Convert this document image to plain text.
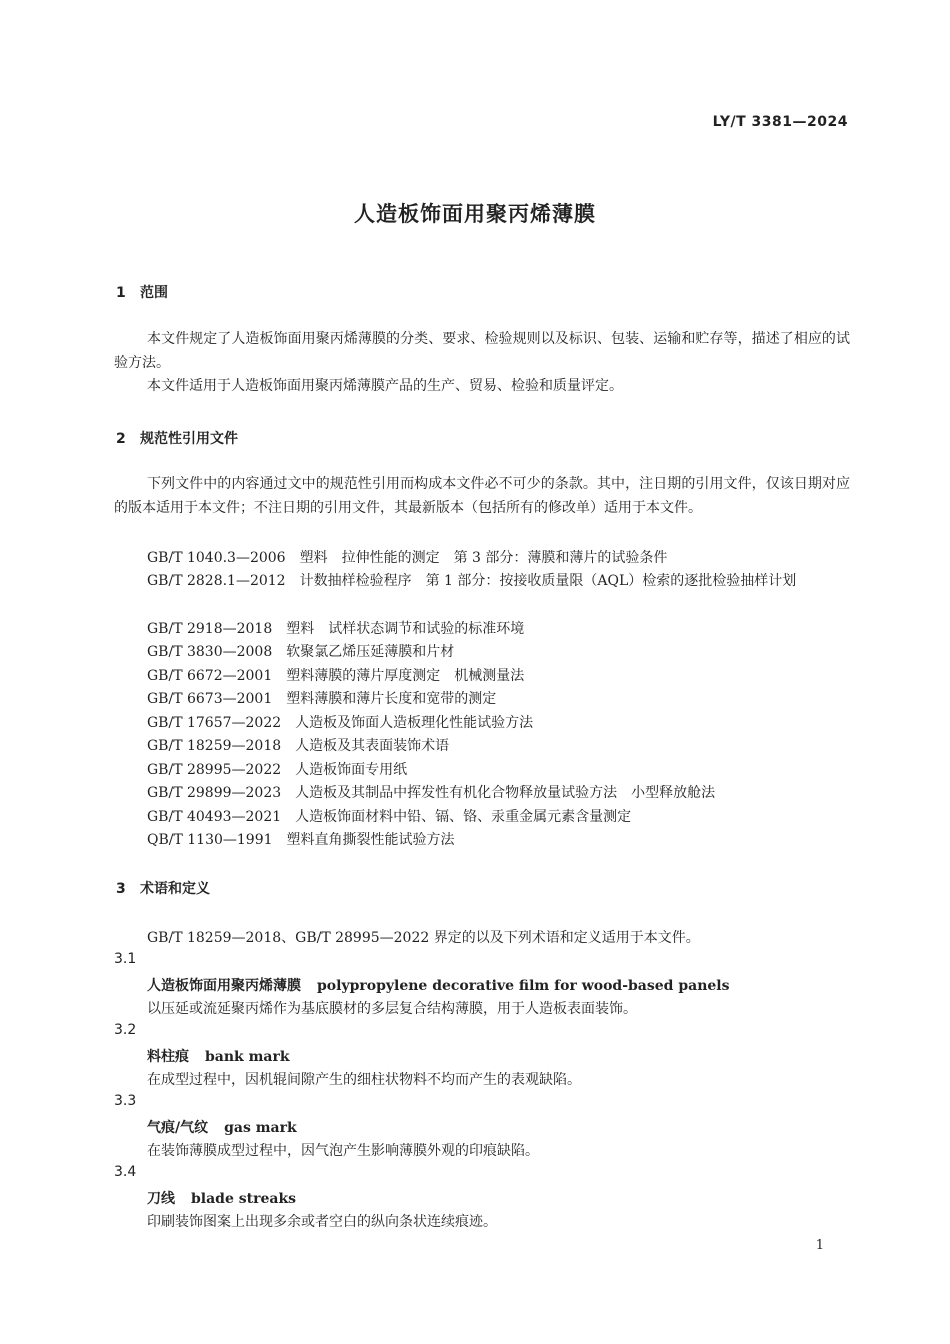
LY/T 3381—2024
人造板饰面用聚丙烯薄膜
1 范围
本文件规定了人造板饰面用聚丙烯薄膜的分类、要求、检验规则以及标识、包装、运输和贮存等，描述了相应的试验方法。
本文件适用于人造板饰面用聚丙烯薄膜产品的生产、贸易、检验和质量评定。
2 规范性引用文件
下列文件中的内容通过文中的规范性引用而构成本文件必不可少的条款。其中，注日期的引用文件，仅该日期对应的版本适用于本文件；不注日期的引用文件，其最新版本（包括所有的修改单）适用于本文件。
GB/T 1040.3—2006　塑料　拉伸性能的测定　第 3 部分：薄膜和薄片的试验条件
GB/T 2828.1—2012　计数抽样检验程序　第 1 部分：按接收质量限（AQL）检索的逐批检验抽样计划
GB/T 2918—2018　塑料　试样状态调节和试验的标准环境
GB/T 3830—2008　软聚氯乙烯压延薄膜和片材
GB/T 6672—2001　塑料薄膜的薄片厚度测定　机械测量法
GB/T 6673—2001　塑料薄膜和薄片长度和宽带的测定
GB/T 17657—2022　人造板及饰面人造板理化性能试验方法
GB/T 18259—2018　人造板及其表面装饰术语
GB/T 28995—2022　人造板饰面专用纸
GB/T 29899—2023　人造板及其制品中挥发性有机化合物释放量试验方法　小型释放舱法
GB/T 40493—2021　人造板饰面材料中铅、镉、铬、汞重金属元素含量测定
QB/T 1130—1991　塑料直角撕裂性能试验方法
3 术语和定义
GB/T 18259—2018、GB/T 28995—2022 界定的以及下列术语和定义适用于本文件。
3.1
人造板饰面用聚丙烯薄膜 polypropylene decorative film for wood-based panels
以压延或流延聚丙烯作为基底膜材的多层复合结构薄膜，用于人造板表面装饰。
3.2
料柱痕 bank mark
在成型过程中，因机辊间隙产生的细柱状物料不均而产生的表观缺陷。
3.3
气痕/气纹 gas mark
在装饰薄膜成型过程中，因气泡产生影响薄膜外观的印痕缺陷。
3.4
刀线 blade streaks
印刷装饰图案上出现多余或者空白的纵向条状连续痕迹。
1
